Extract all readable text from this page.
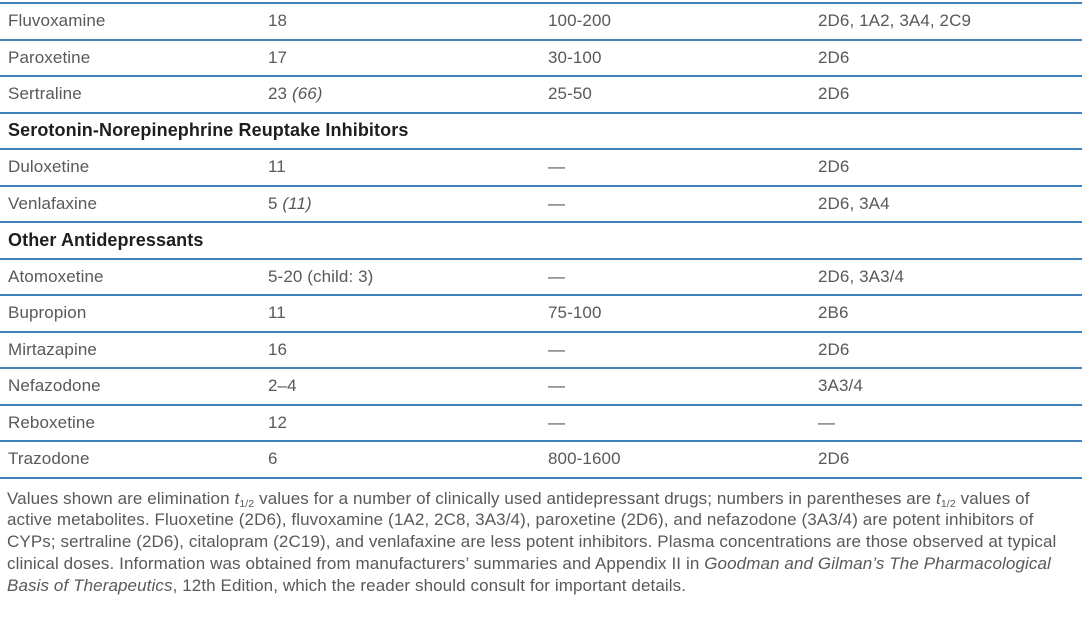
Fluvoxamine	18	100-200	2D6, 1A2, 3A4, 2C9
Paroxetine	17	30-100	2D6
Sertraline	23 (66)	25-50	2D6
Serotonin-Norepinephrine Reuptake Inhibitors
Duloxetine	11	—	2D6
Venlafaxine	5 (11)	—	2D6, 3A4
Other Antidepressants
Atomoxetine	5-20 (child: 3)	—	2D6, 3A3/4
Bupropion	11	75-100	2B6
Mirtazapine	16	—	2D6
Nefazodone	2–4	—	3A3/4
Reboxetine	12	—	—
Trazodone	6	800-1600	2D6
Values shown are elimination $t_{1/2}$ values for a number of clinically used antidepressant drugs; numbers in parentheses are $t_{1/2}$ values of active metabolites. Fluoxetine (2D6), fluvoxamine (1A2, 2C8, 3A3/4), paroxetine (2D6), and nefazodone (3A3/4) are potent inhibitors of CYPs; sertraline (2D6), citalopram (2C19), and venlafaxine are less potent inhibitors. Plasma concentrations are those observed at typical clinical doses. Information was obtained from manufacturers’ summaries and Appendix II in Goodman and Gilman’s The Pharmacological Basis of Therapeutics, 12th Edition, which the reader should consult for important details.
